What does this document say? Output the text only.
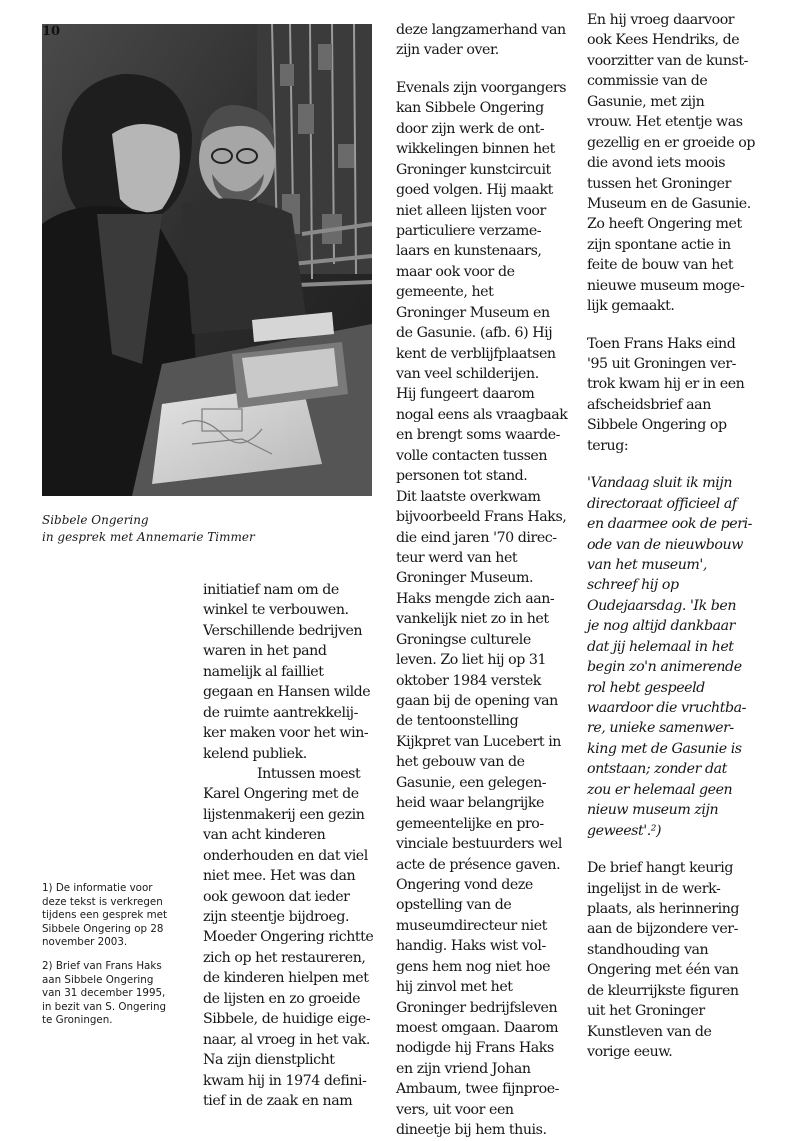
10
Sibbele Ongering
in gesprek met Annemarie Timmer
initiatief nam om de
winkel te verbouwen.
Verschillende bedrijven
waren in het pand
namelijk al failliet
gegaan en Hansen wilde
de ruimte aantrekkelij-
ker maken voor het win-
kelend publiek.
Intussen moest
Karel Ongering met de
lijstenmakerij een gezin
van acht kinderen
onderhouden en dat viel
niet mee. Het was dan
ook gewoon dat ieder
zijn steentje bijdroeg.
Moeder Ongering richtte
zich op het restaureren,
de kinderen hielpen met
de lijsten en zo groeide
Sibbele, de huidige eige-
naar, al vroeg in het vak.
Na zijn dienstplicht
kwam hij in 1974 defini-
tief in de zaak en nam
deze langzamerhand van
zijn vader over.
Evenals zijn voorgangers
kan Sibbele Ongering
door zijn werk de ont-
wikkelingen binnen het
Groninger kunstcircuit
goed volgen. Hij maakt
niet alleen lijsten voor
particuliere verzame-
laars en kunstenaars,
maar ook voor de
gemeente, het
Groninger Museum en
de Gasunie. (afb. 6) Hij
kent de verblijfplaatsen
van veel schilderijen.
Hij fungeert daarom
nogal eens als vraagbaak
en brengt soms waarde-
volle contacten tussen
personen tot stand.
Dit laatste overkwam
bijvoorbeeld Frans Haks,
die eind jaren '70 direc-
teur werd van het
Groninger Museum.
Haks mengde zich aan-
vankelijk niet zo in het
Groningse culturele
leven. Zo liet hij op 31
oktober 1984 verstek
gaan bij de opening van
de tentoonstelling
Kijkpret van Lucebert in
het gebouw van de
Gasunie, een gelegen-
heid waar belangrijke
gemeentelijke en pro-
vinciale bestuurders wel
acte de présence gaven.
Ongering vond deze
opstelling van de
museumdirecteur niet
handig. Haks wist vol-
gens hem nog niet hoe
hij zinvol met het
Groninger bedrijfsleven
moest omgaan. Daarom
nodigde hij Frans Haks
en zijn vriend Johan
Ambaum, twee fijnproe-
vers, uit voor een
dineetje bij hem thuis.
En hij vroeg daarvoor
ook Kees Hendriks, de
voorzitter van de kunst-
commissie van de
Gasunie, met zijn
vrouw. Het etentje was
gezellig en er groeide op
die avond iets moois
tussen het Groninger
Museum en de Gasunie.
Zo heeft Ongering met
zijn spontane actie in
feite de bouw van het
nieuwe museum moge-
lijk gemaakt.
Toen Frans Haks eind
'95 uit Groningen ver-
trok kwam hij er in een
afscheidsbrief aan
Sibbele Ongering op
terug:
'Vandaag sluit ik mijn
directoraat officieel af
en daarmee ook de peri-
ode van de nieuwbouw
van het museum',
schreef hij op
Oudejaarsdag. 'Ik ben
je nog altijd dankbaar
dat jij helemaal in het
begin zo'n animerende
rol hebt gespeeld
waardoor die vruchtba-
re, unieke samenwer-
king met de Gasunie is
ontstaan; zonder dat
zou er helemaal geen
nieuw museum zijn
geweest'.²)
De brief hangt keurig
ingelijst in de werk-
plaats, als herinnering
aan de bijzondere ver-
standhouding van
Ongering met één van
de kleurrijkste figuren
uit het Groninger
Kunstleven van de
vorige eeuw.
1) De informatie voor
deze tekst is verkregen
tijdens een gesprek met
Sibbele Ongering op 28
november 2003.
2) Brief van Frans Haks
aan Sibbele Ongering
van 31 december 1995,
in bezit van S. Ongering
te Groningen.
